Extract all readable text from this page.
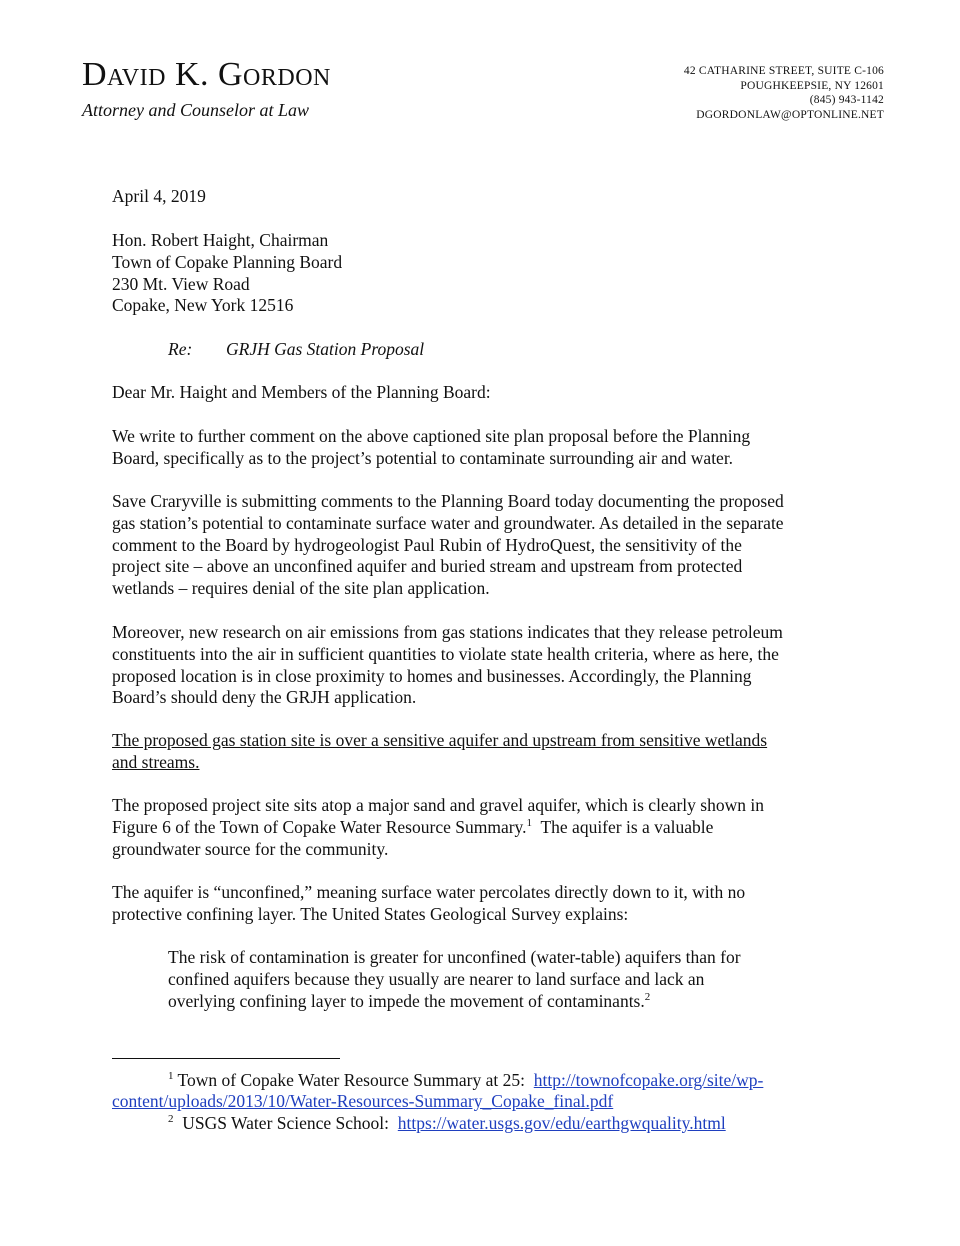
David K. Gordon
Attorney and Counselor at Law
42 CATHARINE STREET, SUITE C-106
POUGHKEEPSIE, NY 12601
(845) 943-1142
DGORDONLAW@OPTONLINE.NET
April 4, 2019
Hon. Robert Haight, Chairman
Town of Copake Planning Board
230 Mt. View Road
Copake, New York 12516
Re: GRJH Gas Station Proposal
Dear Mr. Haight and Members of the Planning Board:
We write to further comment on the above captioned site plan proposal before the Planning
Board, specifically as to the project’s potential to contaminate surrounding air and water.
Save Craryville is submitting comments to the Planning Board today documenting the proposed
gas station’s potential to contaminate surface water and groundwater. As detailed in the separate
comment to the Board by hydrogeologist Paul Rubin of HydroQuest, the sensitivity of the
project site – above an unconfined aquifer and buried stream and upstream from protected
wetlands – requires denial of the site plan application.
Moreover, new research on air emissions from gas stations indicates that they release petroleum
constituents into the air in sufficient quantities to violate state health criteria, where as here, the
proposed location is in close proximity to homes and businesses. Accordingly, the Planning
Board’s should deny the GRJH application.
The proposed gas station site is over a sensitive aquifer and upstream from sensitive wetlands
and streams.
The proposed project site sits atop a major sand and gravel aquifer, which is clearly shown in
Figure 6 of the Town of Copake Water Resource Summary.$^1$  The aquifer is a valuable
groundwater source for the community.
The aquifer is “unconfined,” meaning surface water percolates directly down to it, with no
protective confining layer. The United States Geological Survey explains:
The risk of contamination is greater for unconfined (water-table) aquifers than for
confined aquifers because they usually are nearer to land surface and lack an
overlying confining layer to impede the movement of contaminants.$^2$
$^1$ Town of Copake Water Resource Summary at 25:  http://townofcopake.org/site/wp-
content/uploads/2013/10/Water-Resources-Summary_Copake_final.pdf
$^2$  USGS Water Science School:  https://water.usgs.gov/edu/earthgwquality.html
